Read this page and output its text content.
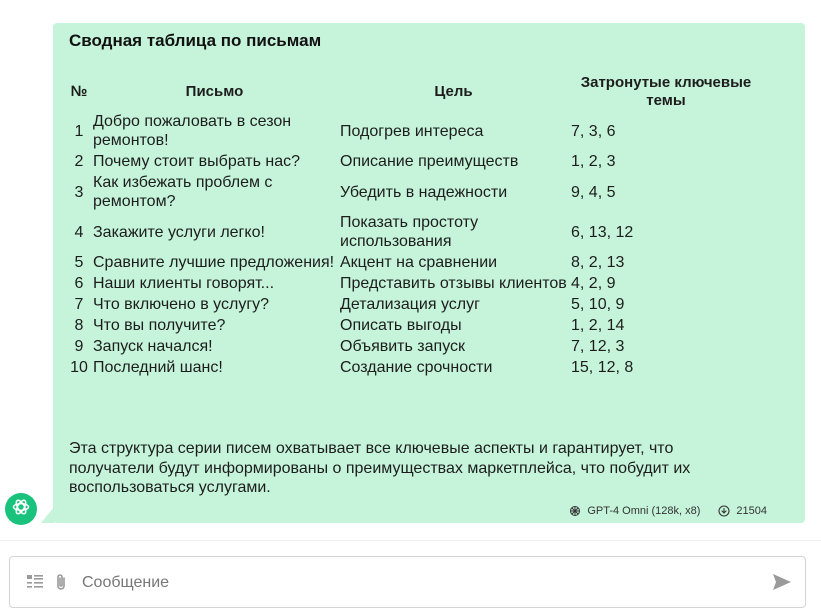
Сводная таблица по письмам
№	Письмо	Цель	Затронутые ключевые темы
1	Добро пожаловать в сезон ремонтов!	Подогрев интереса	7, 3, 6
2	Почему стоит выбрать нас?	Описание преимуществ	1, 2, 3
3	Как избежать проблем с ремонтом?	Убедить в надежности	9, 4, 5
4	Закажите услуги легко!	Показать простоту использования	6, 13, 12
5	Сравните лучшие предложения!	Акцент на сравнении	8, 2, 13
6	Наши клиенты говорят...	Представить отзывы клиентов	4, 2, 9
7	Что включено в услугу?	Детализация услуг	5, 10, 9
8	Что вы получите?	Описать выгоды	1, 2, 14
9	Запуск начался!	Объявить запуск	7, 12, 3
10	Последний шанс!	Создание срочности	15, 12, 8
Эта структура серии писем охватывает все ключевые аспекты и гарантирует, что получатели будут информированы о преимуществах маркетплейса, что побудит их воспользоваться услугами.
GPT-4 Omni (128k, x8)	21504
Сообщение
